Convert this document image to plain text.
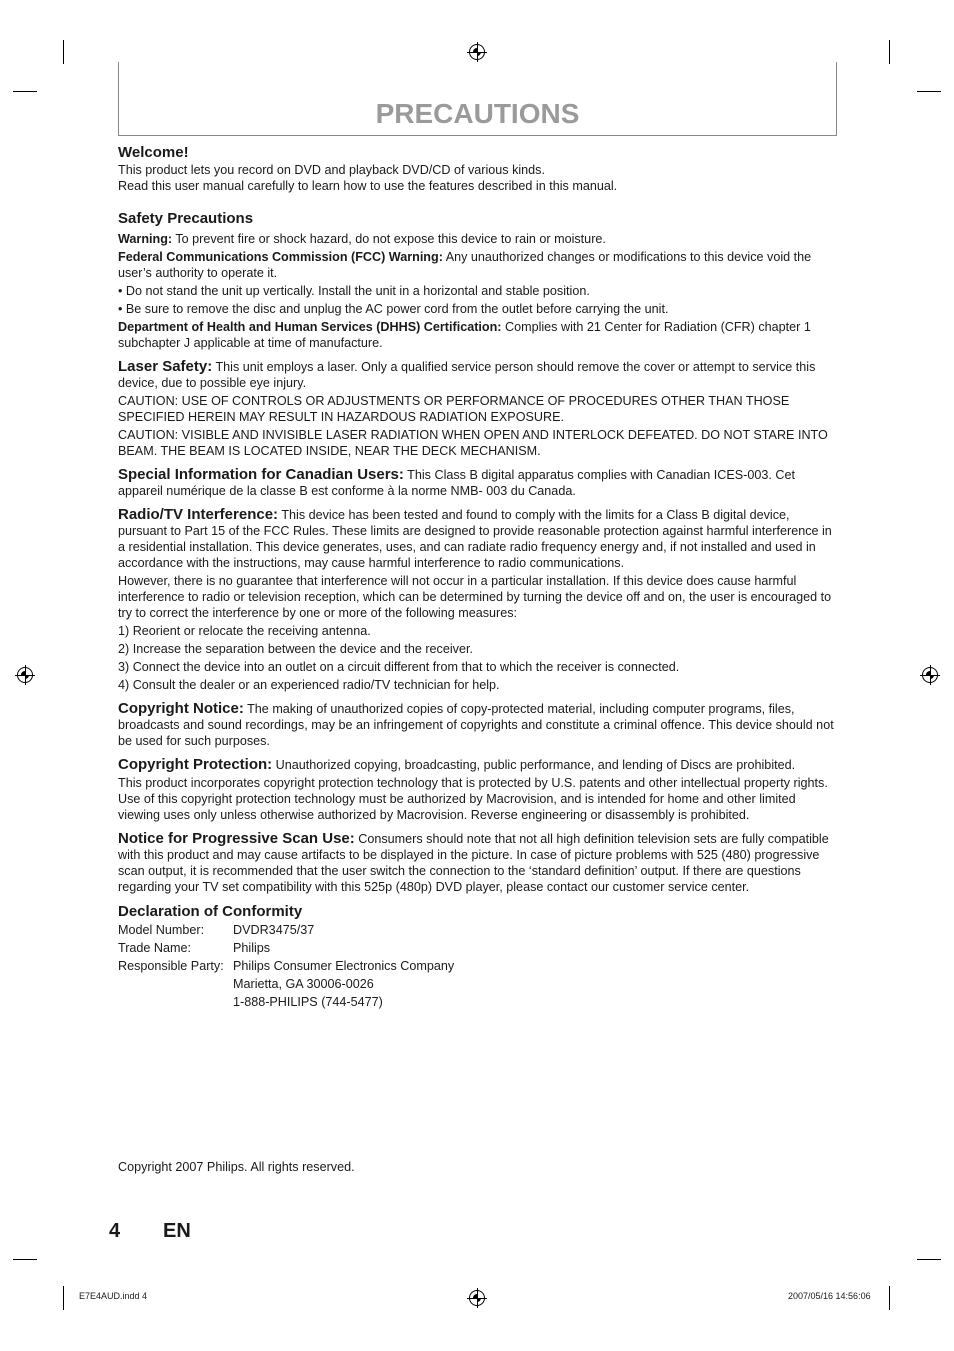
PRECAUTIONS

Welcome!

This product lets you record on DVD and playback DVD/CD of various kinds.

Read this user manual carefully to learn how to use the features described in this manual.

Safety Precautions

Warning: To prevent fire or shock hazard, do not expose this device to rain or moisture.

Federal Communications Commission (FCC) Warning: Any unauthorized changes or modifications to this device void the user’s authority to operate it.

• Do not stand the unit up vertically. Install the unit in a horizontal and stable position.

• Be sure to remove the disc and unplug the AC power cord from the outlet before carrying the unit.

Department of Health and Human Services (DHHS) Certification: Complies with 21 Center for Radiation (CFR) chapter 1 subchapter J applicable at time of manufacture.

Laser Safety: This unit employs a laser. Only a qualified service person should remove the cover or attempt to service this device, due to possible eye injury.

CAUTION: USE OF CONTROLS OR ADJUSTMENTS OR PERFORMANCE OF PROCEDURES OTHER THAN THOSE SPECIFIED HEREIN MAY RESULT IN HAZARDOUS RADIATION EXPOSURE.

CAUTION: VISIBLE AND INVISIBLE LASER RADIATION WHEN OPEN AND INTERLOCK DEFEATED. DO NOT STARE INTO BEAM. THE BEAM IS LOCATED INSIDE, NEAR THE DECK MECHANISM.

Special Information for Canadian Users: This Class B digital apparatus complies with Canadian ICES-003. Cet appareil numérique de la classe B est conforme à la norme NMB- 003 du Canada.

Radio/TV Interference: This device has been tested and found to comply with the limits for a Class B digital device, pursuant to Part 15 of the FCC Rules. These limits are designed to provide reasonable protection against harmful interference in a residential installation. This device generates, uses, and can radiate radio frequency energy and, if not installed and used in accordance with the instructions, may cause harmful interference to radio communications.

However, there is no guarantee that interference will not occur in a particular installation. If this device does cause harmful interference to radio or television reception, which can be determined by turning the device off and on, the user is encouraged to try to correct the interference by one or more of the following measures:

1) Reorient or relocate the receiving antenna.

2) Increase the separation between the device and the receiver.

3) Connect the device into an outlet on a circuit different from that to which the receiver is connected.

4) Consult the dealer or an experienced radio/TV technician for help.

Copyright Notice: The making of unauthorized copies of copy-protected material, including computer programs, files, broadcasts and sound recordings, may be an infringement of copyrights and constitute a criminal offence. This device should not be used for such purposes.

Copyright Protection: Unauthorized copying, broadcasting, public performance, and lending of Discs are prohibited.

This product incorporates copyright protection technology that is protected by U.S. patents and other intellectual property rights. Use of this copyright protection technology must be authorized by Macrovision, and is intended for home and other limited viewing uses only unless otherwise authorized by Macrovision. Reverse engineering or disassembly is prohibited.

Notice for Progressive Scan Use: Consumers should note that not all high definition television sets are fully compatible with this product and may cause artifacts to be displayed in the picture. In case of picture problems with 525 (480) progressive scan output, it is recommended that the user switch the connection to the ‘standard definition’ output. If there are questions regarding your TV set compatibility with this 525p (480p) DVD player, please contact our customer service center.

Declaration of Conformity

Model Number:	DVDR3475/37
Trade Name:	Philips
Responsible Party:	Philips Consumer Electronics Company
Marietta, GA 30006-0026
1-888-PHILIPS (744-5477)
Copyright 2007 Philips. All rights reserved.
4 EN
E7E4AUD.indd 4	2007/05/16 14:56:06
